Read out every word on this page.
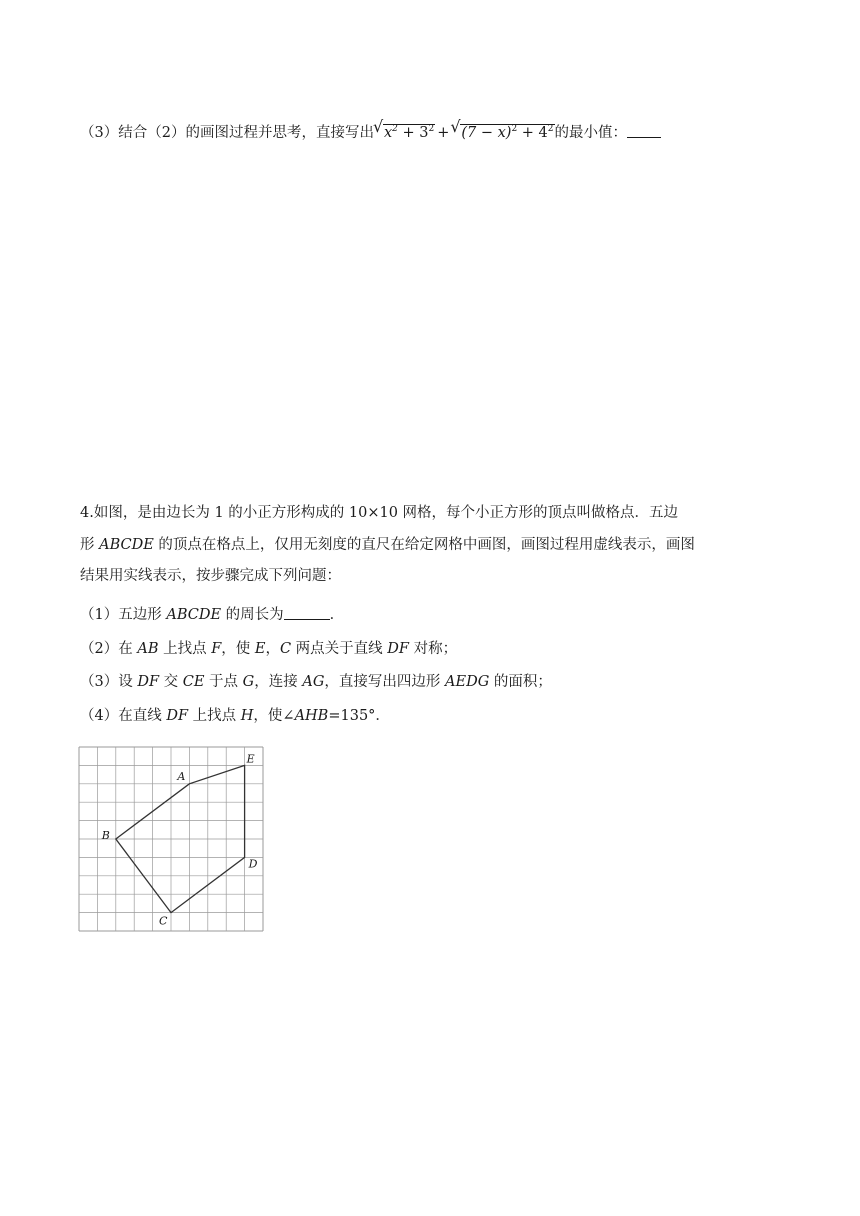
（3）结合（2）的画图过程并思考，直接写出 √ $x^2 + 3^2$ + √ $(7 - x)^2 + 4^2$的最小值：
4.如图，是由边长为 1 的小正方形构成的 10×10 网格，每个小正方形的顶点叫做格点．五边
形 ABCDE 的顶点在格点上，仅用无刻度的直尺在给定网格中画图，画图过程用虚线表示，画图
结果用实线表示，按步骤完成下列问题：
（1）五边形 ABCDE 的周长为	．
（2）在 AB 上找点 F，使 E，C 两点关于直线 DF 对称；
（3）设 DF 交 CE 于点 G，连接 AG，直接写出四边形 AEDG 的面积；
（4）在直线 DF 上找点 H，使∠AHB=135°．
A
B
C
D
E
